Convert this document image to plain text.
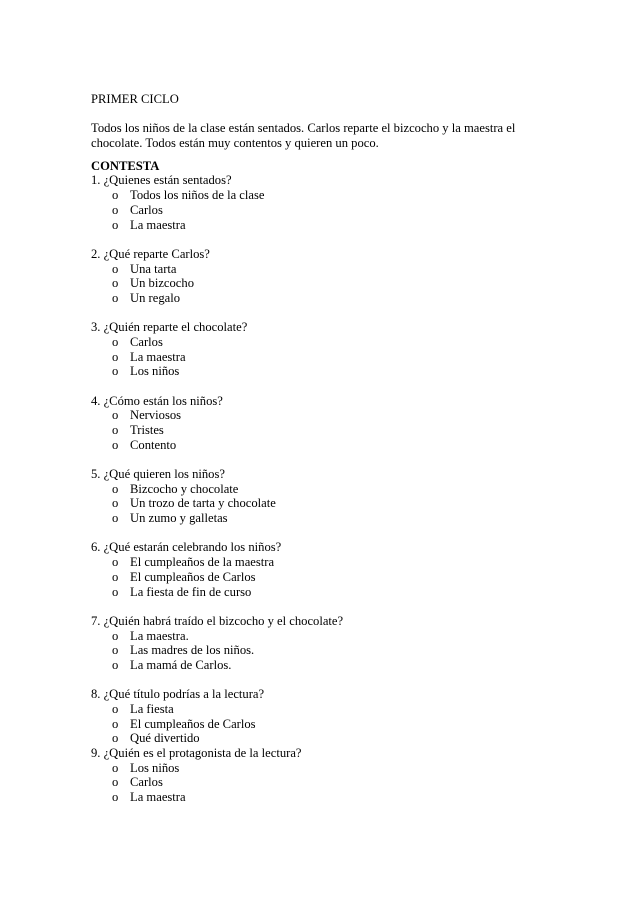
PRIMER CICLO
Todos los niños de la clase están sentados. Carlos reparte el bizcocho y la maestra el
chocolate. Todos están muy contentos y quieren un poco.
CONTESTA
1. ¿Quienes están sentados?
o Todos los niños de la clase
o Carlos
o La maestra
2. ¿Qué reparte Carlos?
o Una tarta
o Un bizcocho
o Un regalo
3. ¿Quién reparte el chocolate?
o Carlos
o La maestra
o Los niños
4. ¿Cómo están los niños?
o Nerviosos
o Tristes
o Contento
5. ¿Qué quieren los niños?
o Bizcocho y chocolate
o Un trozo de tarta y chocolate
o Un zumo y galletas
6. ¿Qué estarán celebrando los niños?
o El cumpleaños de la maestra
o El cumpleaños de Carlos
o La fiesta de fin de curso
7. ¿Quién habrá traído el bizcocho y el chocolate?
o La maestra.
o Las madres de los niños.
o La mamá de Carlos.
8. ¿Qué título podrías a la lectura?
o La fiesta
o El cumpleaños de Carlos
o Qué divertido
9. ¿Quién es el protagonista de la lectura?
o Los niños
o Carlos
o La maestra
